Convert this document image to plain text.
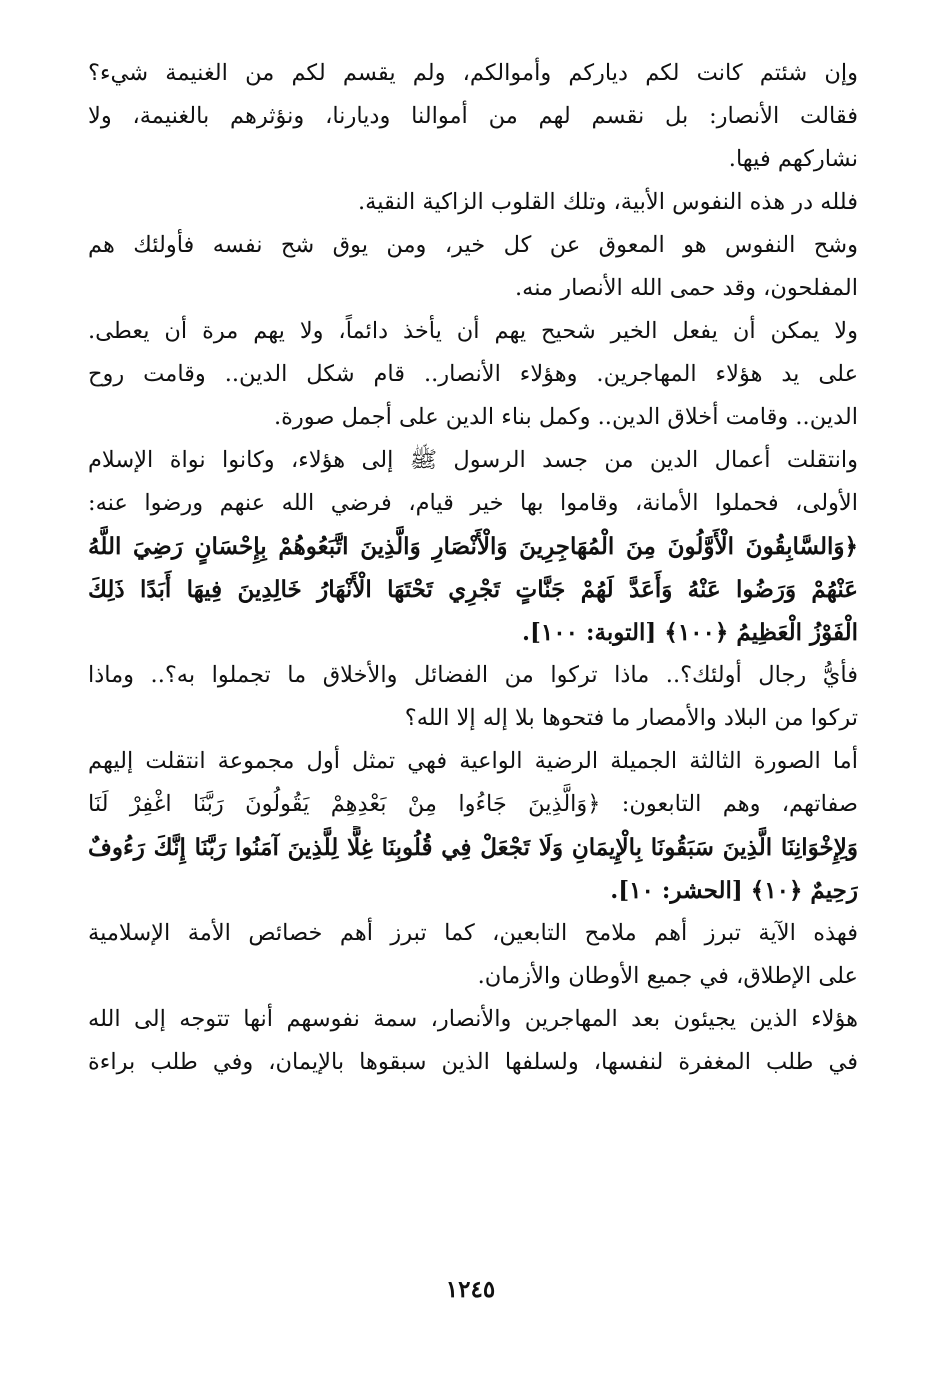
وإن شئتم كانت لكم دياركم وأموالكم، ولم يقسم لكم من الغنيمة شيء؟
فقالت الأنصار: بل نقسم لهم من أموالنا وديارنا، ونؤثرهم بالغنيمة، ولا
نشاركهم فيها.
فلله در هذه النفوس الأبية، وتلك القلوب الزاكية النقية.
وشح النفوس هو المعوق عن كل خير، ومن يوق شح نفسه فأولئك هم
المفلحون، وقد حمى الله الأنصار منه.
ولا يمكن أن يفعل الخير شحيح يهم أن يأخذ دائماً، ولا يهم مرة أن يعطى.
على يد هؤلاء المهاجرين. وهؤلاء الأنصار.. قام شكل الدين.. وقامت روح
الدين.. وقامت أخلاق الدين.. وكمل بناء الدين على أجمل صورة.
وانتقلت أعمال الدين من جسد الرسول ﷺ إلى هؤلاء، وكانوا نواة الإسلام
الأولى، فحملوا الأمانة، وقاموا بها خير قيام، فرضي الله عنهم ورضوا عنه:
﴿وَالسَّابِقُونَ الْأَوَّلُونَ مِنَ الْمُهَاجِرِينَ وَالْأَنْصَارِ وَالَّذِينَ اتَّبَعُوهُمْ بِإِحْسَانٍ رَضِيَ اللَّهُ
عَنْهُمْ وَرَضُوا عَنْهُ وَأَعَدَّ لَهُمْ جَنَّاتٍ تَجْرِي تَحْتَهَا الْأَنْهَارُ خَالِدِينَ فِيهَا أَبَدًا ذَلِكَ
الْفَوْزُ الْعَظِيمُ ﴿١٠٠﴾ [التوبة: ١٠٠].
فأيُّ رجال أولئك؟.. ماذا تركوا من الفضائل والأخلاق ما تجملوا به؟.. وماذا
تركوا من البلاد والأمصار ما فتحوها بلا إله إلا الله؟
أما الصورة الثالثة الجميلة الرضية الواعية فهي تمثل أول مجموعة انتقلت إليهم
صفاتهم، وهم التابعون: ﴿وَالَّذِينَ جَاءُوا مِنْ بَعْدِهِمْ يَقُولُونَ رَبَّنَا اغْفِرْ لَنَا
وَلِإِخْوَانِنَا الَّذِينَ سَبَقُونَا بِالْإِيمَانِ وَلَا تَجْعَلْ فِي قُلُوبِنَا غِلًّا لِلَّذِينَ آمَنُوا رَبَّنَا إِنَّكَ رَءُوفٌ
رَحِيمٌ ﴿١٠﴾ [الحشر: ١٠].
فهذه الآية تبرز أهم ملامح التابعين، كما تبرز أهم خصائص الأمة الإسلامية
على الإطلاق، في جميع الأوطان والأزمان.
هؤلاء الذين يجيئون بعد المهاجرين والأنصار، سمة نفوسهم أنها تتوجه إلى الله
في طلب المغفرة لنفسها، ولسلفها الذين سبقوها بالإيمان، وفي طلب براءة
١٢٤٥
